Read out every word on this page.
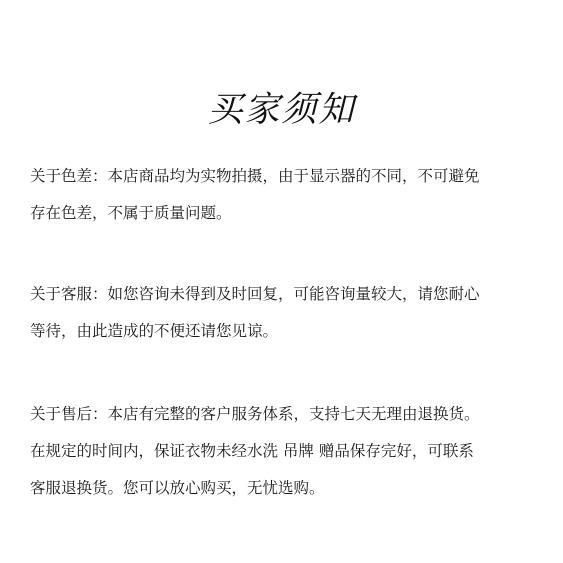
买家须知

关于色差：本店商品均为实物拍摄，由于显示器的不同，不可避免

存在色差，不属于质量问题。

关于客服：如您咨询未得到及时回复，可能咨询量较大，请您耐心

等待，由此造成的不便还请您见谅。

关于售后：本店有完整的客户服务体系，支持七天无理由退换货。

在规定的时间内，保证衣物未经水洗 吊牌 赠品保存完好，可联系

客服退换货。您可以放心购买，无忧选购。
